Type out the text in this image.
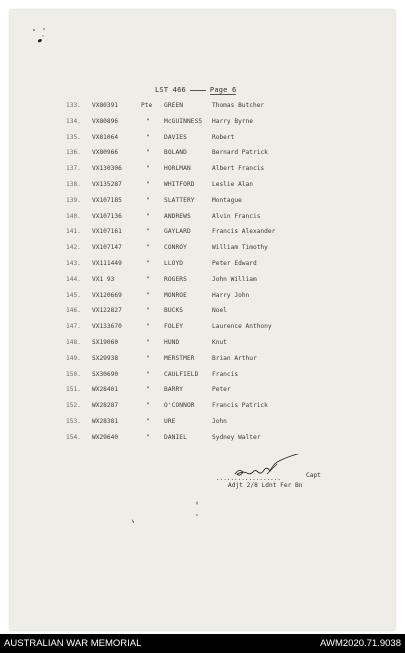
LST 466	Page 6
133.	VX80391	Pte	GREEN	Thomas Butcher
134.	VX80896	"	McGUINNESS	Harry Byrne
135.	VX81064	"	DAVIES	Robert
136.	VX80966	"	BOLAND	Bernard Patrick
137.	VX130306	"	HORLMAN	Albert Francis
138.	VX135287	"	WHITFORD	Leslie Alan
139.	VX107185	"	SLATTERY	Montague
140.	VX107136	"	ANDREWS	Alvin Francis
141.	VX107161	"	GAYLARD	Francis Alexander
142.	VX107147	"	CONROY	William Timothy
143.	VX111449	"	LLOYD	Peter Edward
144.	VX1 93	"	ROGERS	John William
145.	VX120669	"	MONROE	Harry John
146.	VX122827	"	BUCKS	Noel
147.	VX133670	"	FOLEY	Laurence Anthony
148.	SX19060	"	HUND	Knut
149.	SX29938	"	MERSTMER	Brian Arthur
150.	SX30690	"	CAULFIELD	Francis
151.	WX28401	"	BARRY	Peter
152.	WX28287	"	O'CONNOR	Francis Patrick
153.	WX28381	"	URE	John
154.	WX29640	"	DANIEL	Sydney Walter
..................	Capt
Adjt 2/8 Ldnt Fer Bn
AUSTRALIAN WAR MEMORIAL	AWM2020.71.9038
